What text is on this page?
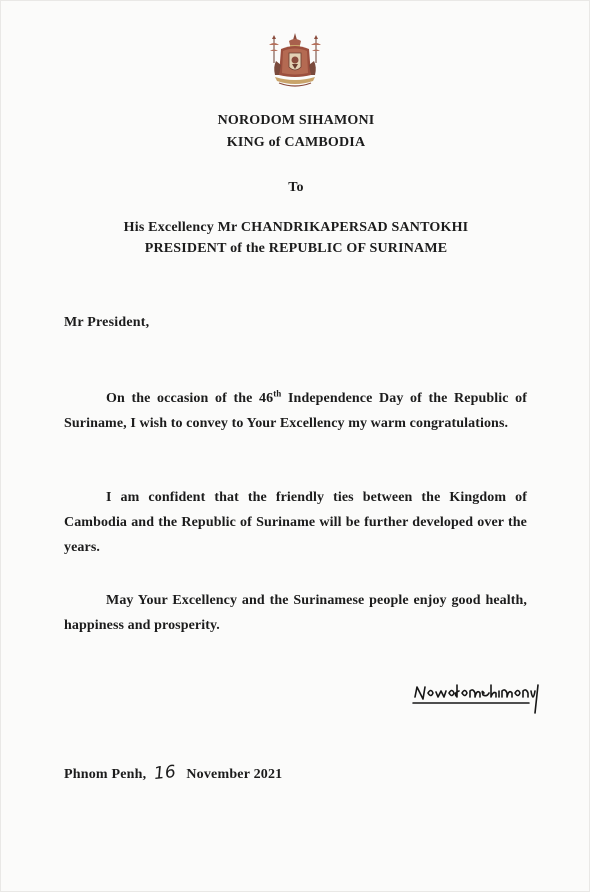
NORODOM SIHAMONI
KING of CAMBODIA
To
His Excellency Mr CHANDRIKAPERSAD SANTOKHI
PRESIDENT of the REPUBLIC OF SURINAME
Mr President,
On the occasion of the 46th Independence Day of the Republic of Suriname, I wish to convey to Your Excellency my warm congratulations.
I am confident that the friendly ties between the Kingdom of Cambodia and the Republic of Suriname will be further developed over the years.
May Your Excellency and the Surinamese people enjoy good health, happiness and prosperity.
Phnom Penh, 16 November 2021
